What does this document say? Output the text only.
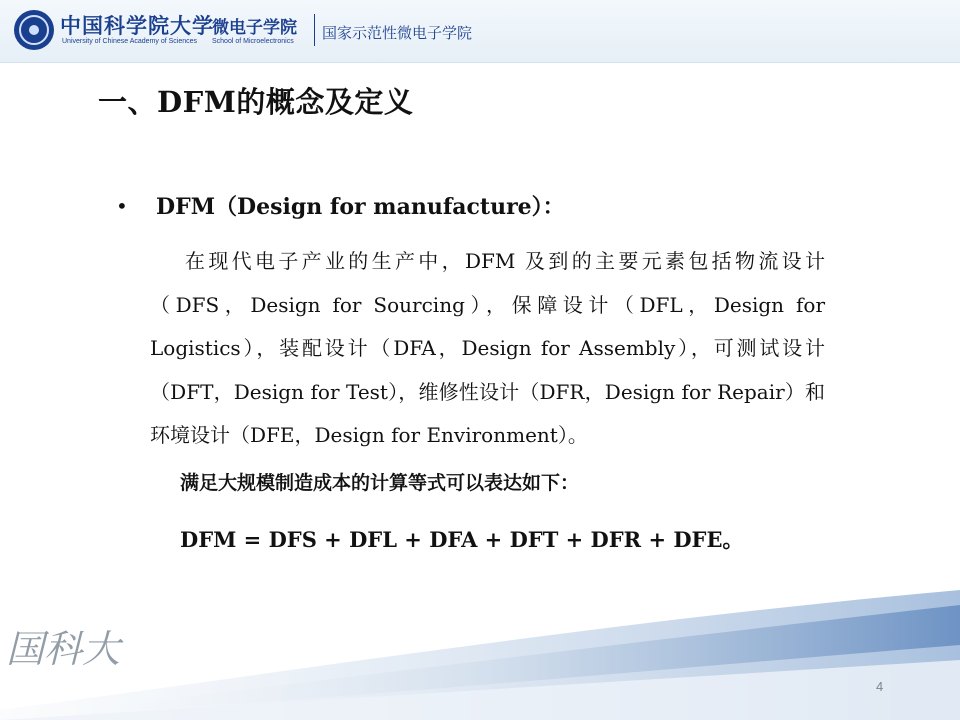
中国科学院大学
University of Chinese Academy of Sciences
微电子学院
School of Microelectronics 国家示范性微电子学院
一、DFM的概念及定义
• DFM（Design for manufacture）：
在现代电子产业的生产中，DFM 及到的主要元素包括物流设计（DFS，Design for Sourcing），保障设计（DFL，Design for Logistics），装配设计（DFA，Design for Assembly），可测试设计（DFT，Design for Test），维修性设计（DFR，Design for Repair）和环境设计（DFE，Design for Environment）。
满足大规模制造成本的计算等式可以表达如下：
DFM = DFS + DFL + DFA + DFT + DFR + DFE。
国科大
4
